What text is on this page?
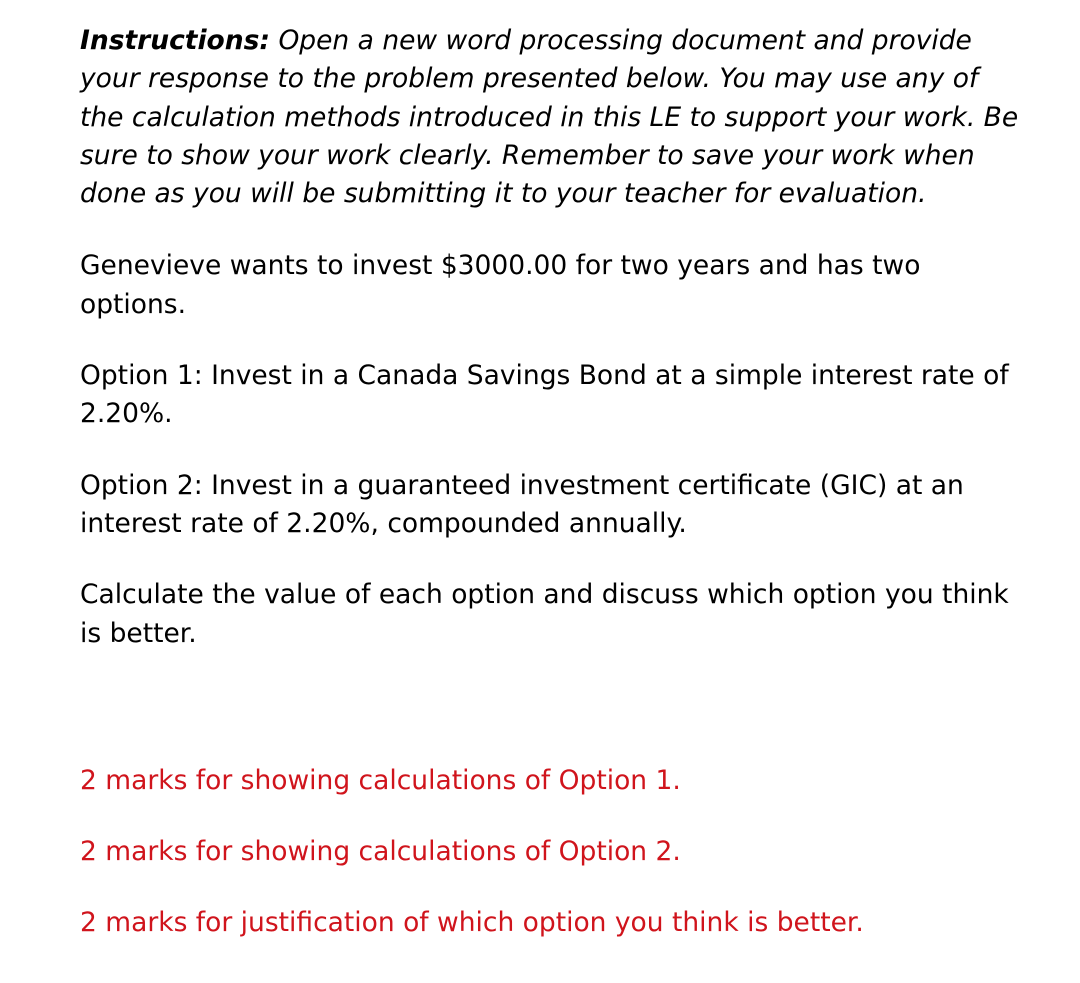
Instructions: Open a new word processing document and provide your response to the problem presented below. You may use any of the calculation methods introduced in this LE to support your work. Be sure to show your work clearly. Remember to save your work when done as you will be submitting it to your teacher for evaluation.

Genevieve wants to invest $3000.00 for two years and has two options.

Option 1: Invest in a Canada Savings Bond at a simple interest rate of 2.20%.

Option 2: Invest in a guaranteed investment certificate (GIC) at an interest rate of 2.20%, compounded annually.

Calculate the value of each option and discuss which option you think is better.

2 marks for showing calculations of Option 1.

2 marks for showing calculations of Option 2.

2 marks for justification of which option you think is better.
